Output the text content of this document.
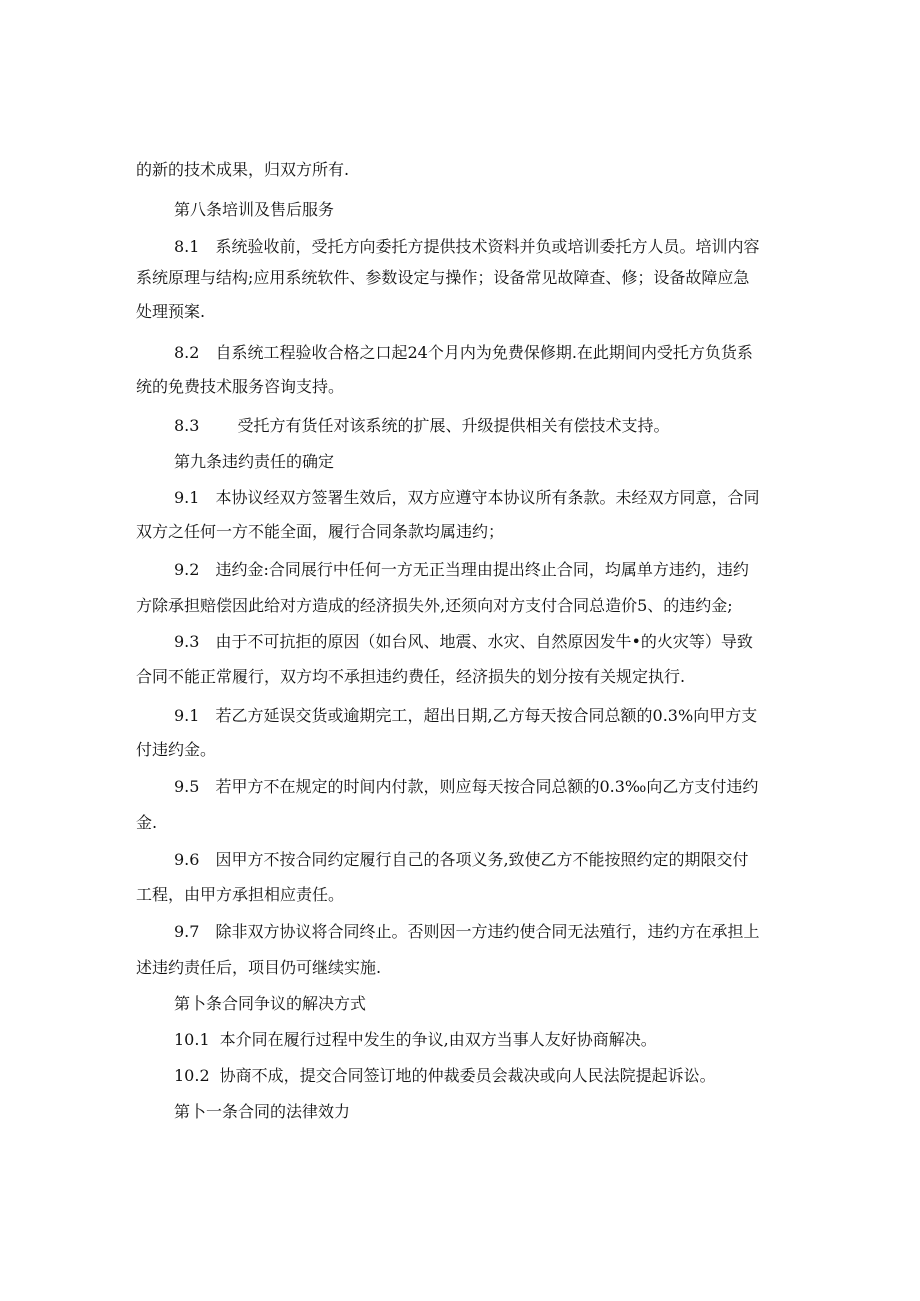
的新的技术成果，归双方所有.
第八条培训及售后服务
8.1 系统验收前，受托方向委托方提供技术资料并负或培训委托方人员。培训内容
系统原理与结构;应用系统软件、参数设定与操作；设备常见故障查、修；设备故障应急
处理预案.
8.2 自系统工程验收合格之口起24个月内为免费保修期.在此期间内受托方负货系
统的免费技术服务咨询支持。
8.3 受托方有货任对该系统的扩展、升级提供相关有偿技术支持。
第九条违约责任的确定
9.1 本协议经双方签署生效后，双方应遵守本协议所有条款。未经双方同意，合同
双方之任何一方不能全面，履行合同条款均属违约；
9.2 违约金:合同展行中任何一方无正当理由提出终止合同，均属单方违约，违约
方除承担赔偿因此给对方造成的经济损失外,还须向对方支付合同总造价5、的违约金;
9.3 由于不可抗拒的原因（如台风、地震、水灾、自然原因发牛•的火灾等）导致
合同不能正常履行，双方均不承担违约费任，经济损失的划分按有关规定执行.
9.1 若乙方延误交货或逾期完工，超出日期,乙方每天按合同总额的0.3%向甲方支
付违约金。
9.5 若甲方不在规定的时间内付款，则应每天按合同总额的0.3‰向乙方支付违约
金.
9.6 因甲方不按合同约定履行自己的各项义务,致使乙方不能按照约定的期限交付
工程，由甲方承担相应责任。
9.7 除非双方协议将合同终止。否则因一方违约使合同无法殖行，违约方在承担上
述违约责任后，项目仍可继续实施.
第卜条合同争议的解决方式
10.1 本介同在履行过程中发生的争议,由双方当事人友好协商解决。
10.2 协商不成，提交合同签订地的仲裁委员会裁决或向人民法院提起诉讼。
第卜一条合同的法律效力
